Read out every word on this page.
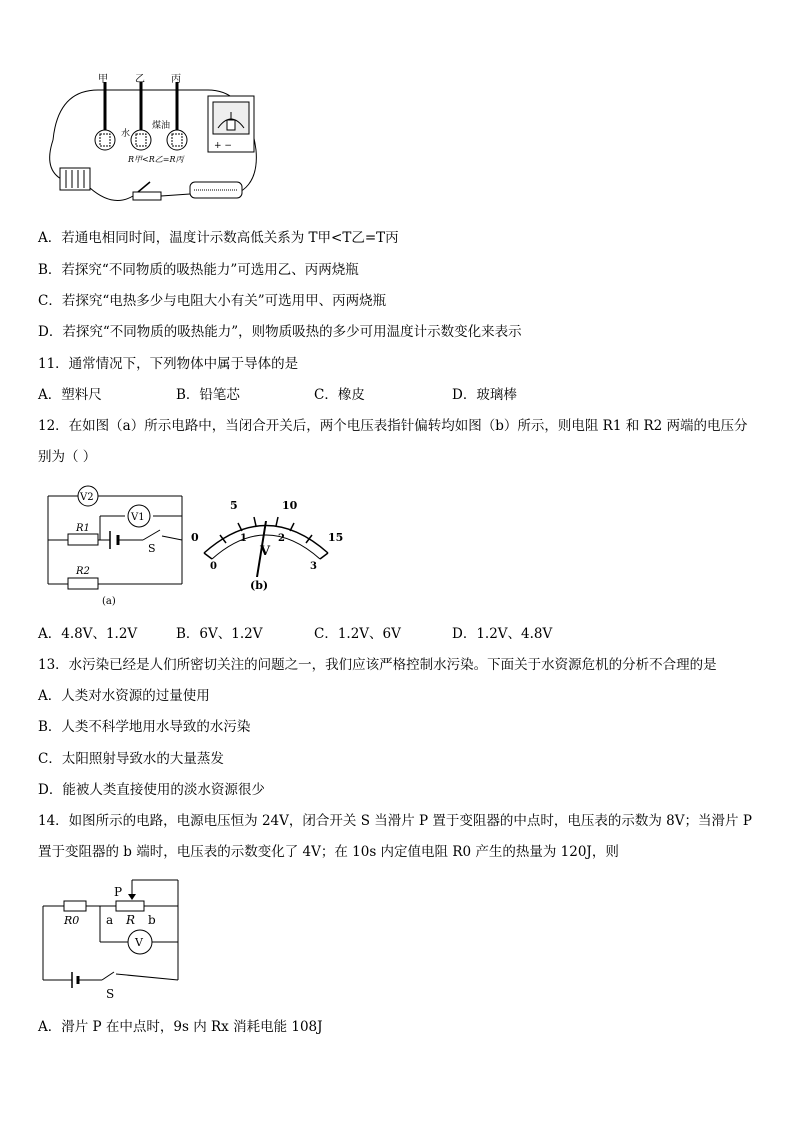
+ −
甲	乙	丙
水
煤油
R甲<R乙=R丙
A．若通电相同时间，温度计示数高低关系为 T甲<T乙=T丙
B．若探究“不同物质的吸热能力”可选用乙、丙两烧瓶
C．若探究“电热多少与电阻大小有关”可选用甲、丙两烧瓶
D．若探究“不同物质的吸热能力”，则物质吸热的多少可用温度计示数变化来表示
11．通常情况下，下列物体中属于导体的是
A．塑料尺	B．铅笔芯	C．橡皮	D．玻璃棒
12．在如图（a）所示电路中，当闭合开关后，两个电压表指针偏转均如图（b）所示，则电阻 R1 和 R2 两端的电压分
别为（ ）
V2
V1
R1
R2
S
(a)
0
5	10
15
0
1	2
3
V
(b)
A．4.8V、1.2V	B．6V、1.2V	C．1.2V、6V	D．1.2V、4.8V
13．水污染已经是人们所密切关注的问题之一，我们应该严格控制水污染。下面关于水资源危机的分析不合理的是
A．人类对水资源的过量使用
B．人类不科学地用水导致的水污染
C．太阳照射导致水的大量蒸发
D．能被人类直接使用的淡水资源很少
14．如图所示的电路，电源电压恒为 24V，闭合开关 S 当滑片 P 置于变阻器的中点时，电压表的示数为 8V；当滑片 P
置于变阻器的 b 端时，电压表的示数变化了 4V；在 10s 内定值电阻 R0 产生的热量为 120J，则
P
R0	R
a	b
V
S
A．滑片 P 在中点时，9s 内 Rx 消耗电能 108J
